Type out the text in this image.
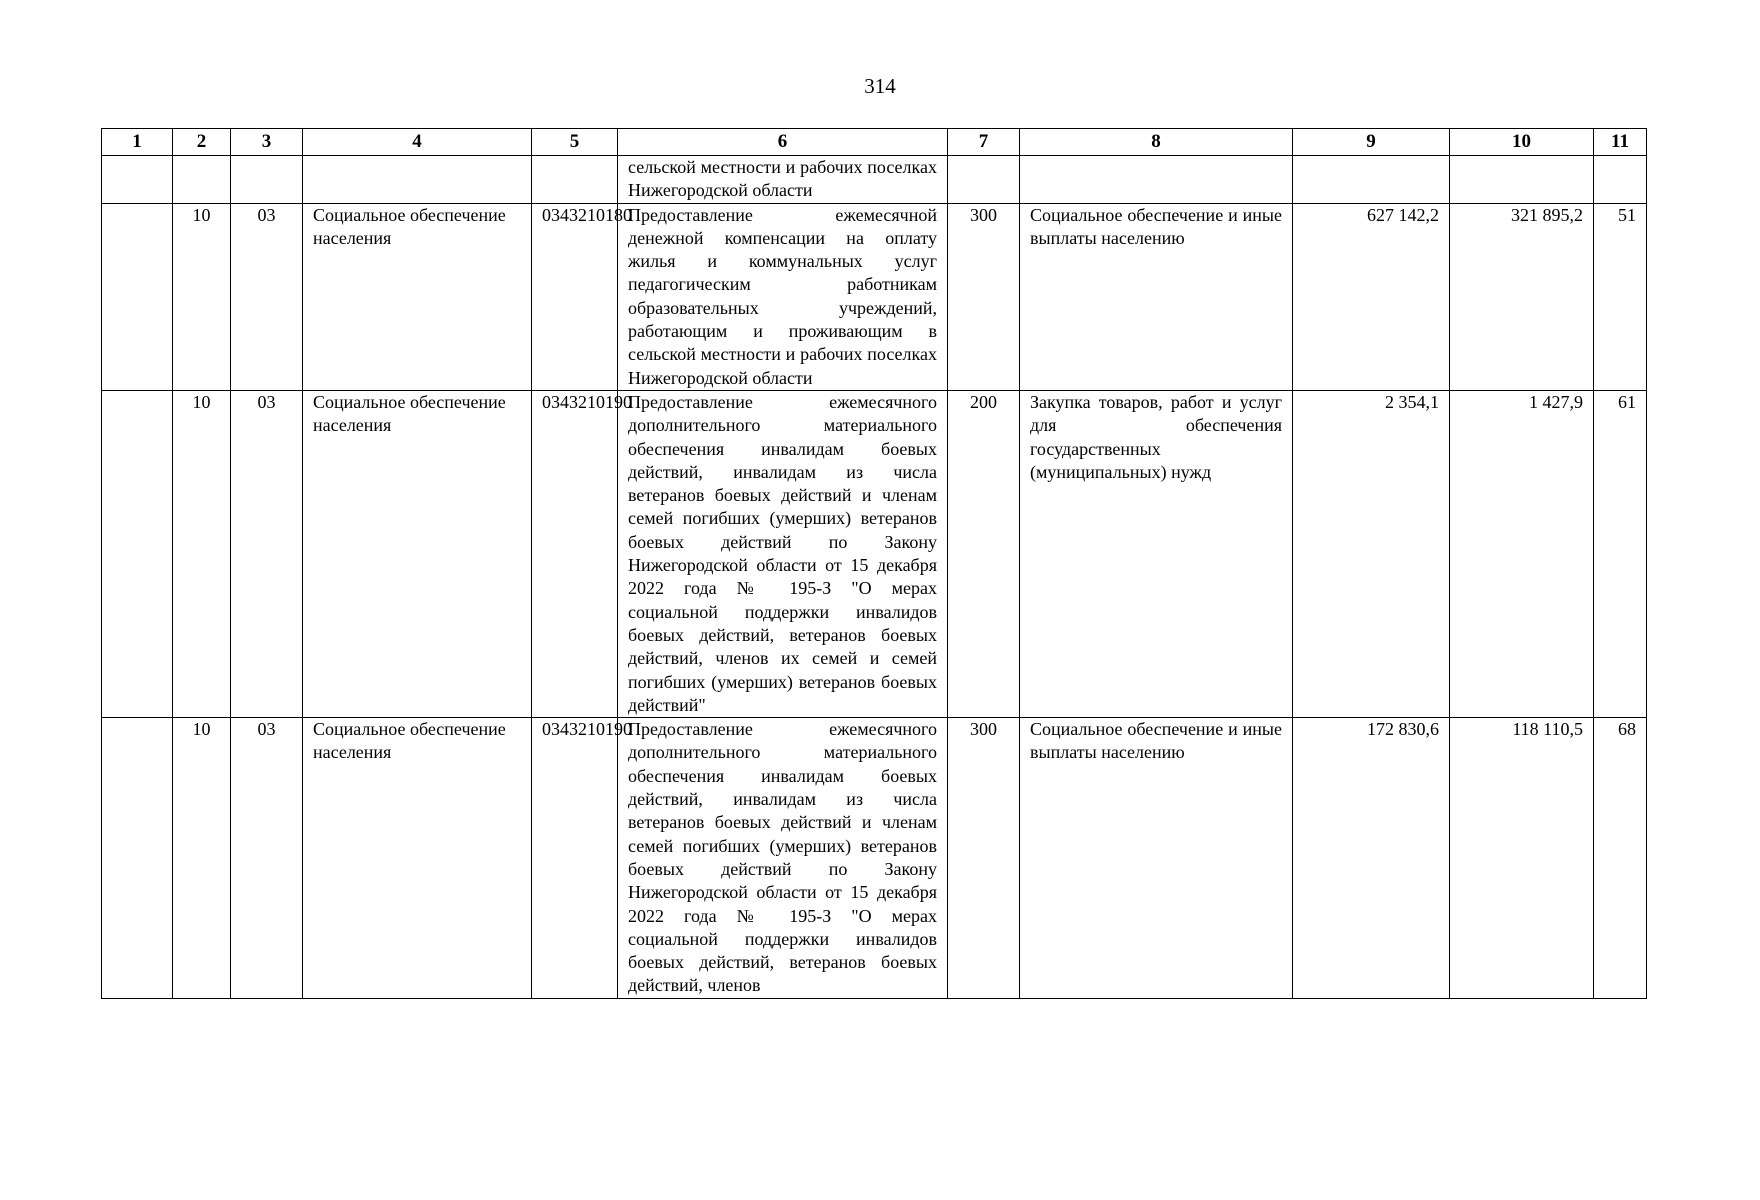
314
1	2	3	4	5	6	7	8	9	10	11
					сельской местности и рабочих поселках Нижегородской области					
	10	03	Социальное обеспечение населения	0343210180	Предоставление ежемесячной денежной компенсации на оплату жилья и коммунальных услуг педагогическим работникам образовательных учреждений, работающим и проживающим в сельской местности и рабочих поселках Нижегородской области	300	Социальное обеспечение и иные выплаты населению	627 142,2	321 895,2	51
	10	03	Социальное обеспечение населения	0343210190	Предоставление ежемесячного дополнительного материального обеспечения инвалидам боевых действий, инвалидам из числа ветеранов боевых действий и членам семей погибших (умерших) ветеранов боевых действий по Закону Нижегородской области от 15 декабря 2022 года № 195-З "О мерах социальной поддержки инвалидов боевых действий, ветеранов боевых действий, членов их семей и семей погибших (умерших) ветеранов боевых действий"	200	Закупка товаров, работ и услуг для обеспечения государственных (муниципальных) нужд	2 354,1	1 427,9	61
	10	03	Социальное обеспечение населения	0343210190	Предоставление ежемесячного дополнительного материального обеспечения инвалидам боевых действий, инвалидам из числа ветеранов боевых действий и членам семей погибших (умерших) ветеранов боевых действий по Закону Нижегородской области от 15 декабря 2022 года № 195-З "О мерах социальной поддержки инвалидов боевых действий, ветеранов боевых действий, членов	300	Социальное обеспечение и иные выплаты населению	172 830,6	118 110,5	68
